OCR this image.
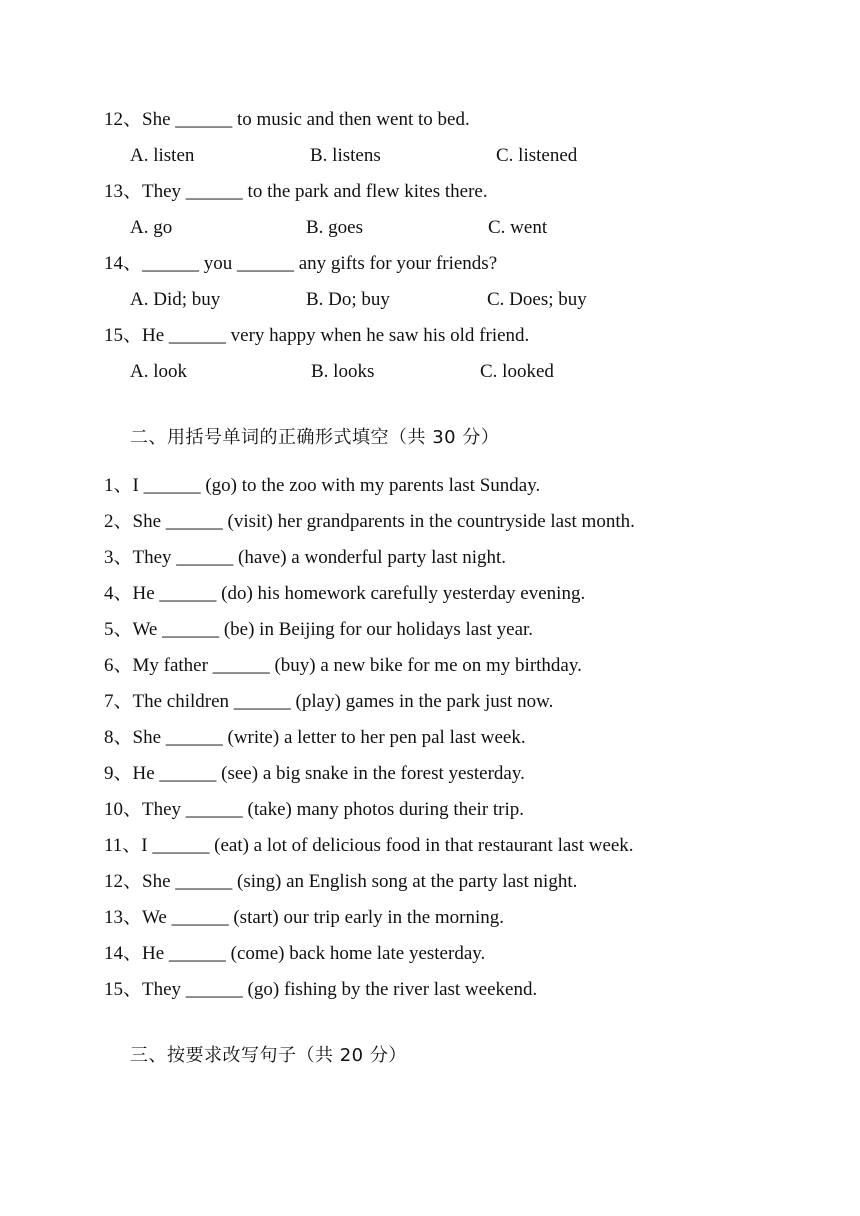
12、She ______ to music and then went to bed.
A. listen	B. listens	C. listened
13、They ______ to the park and flew kites there.
A. go	B. goes	C. went
14、______ you ______ any gifts for your friends?
A. Did; buy	B. Do; buy	C. Does; buy
15、He ______ very happy when he saw his old friend.
A. look	B. looks	C. looked
二、用括号单词的正确形式填空（共 30 分）
1、I ______ (go) to the zoo with my parents last Sunday.
2、She ______ (visit) her grandparents in the countryside last month.
3、They ______ (have) a wonderful party last night.
4、He ______ (do) his homework carefully yesterday evening.
5、We ______ (be) in Beijing for our holidays last year.
6、My father ______ (buy) a new bike for me on my birthday.
7、The children ______ (play) games in the park just now.
8、She ______ (write) a letter to her pen pal last week.
9、He ______ (see) a big snake in the forest yesterday.
10、They ______ (take) many photos during their trip.
11、I ______ (eat) a lot of delicious food in that restaurant last week.
12、She ______ (sing) an English song at the party last night.
13、We ______ (start) our trip early in the morning.
14、He ______ (come) back home late yesterday.
15、They ______ (go) fishing by the river last weekend.
三、按要求改写句子（共 20 分）
